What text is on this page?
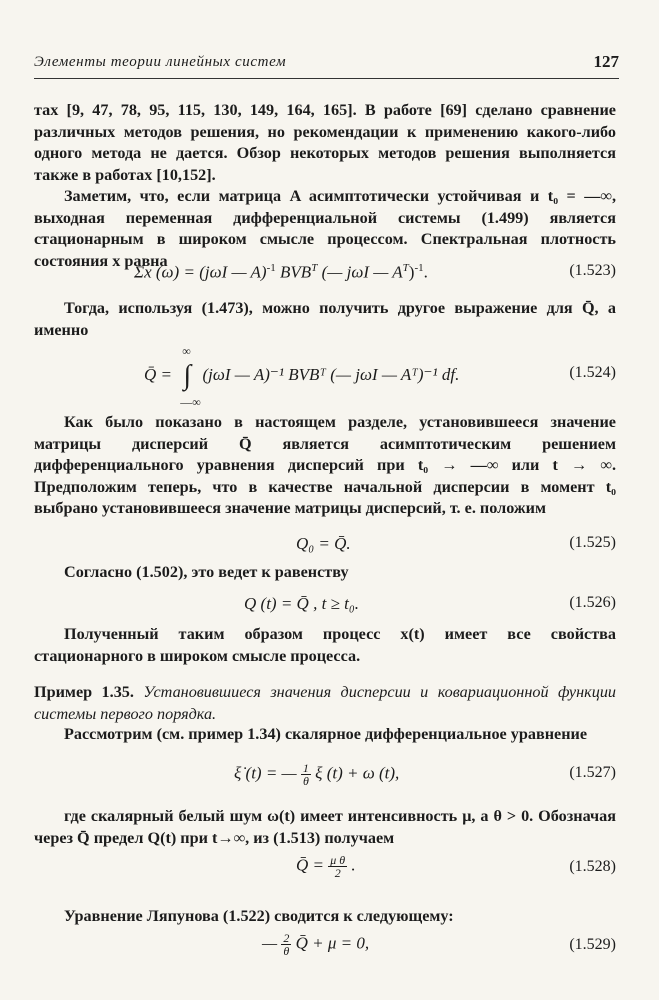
Элементы теории линейных систем	127
тах [9, 47, 78, 95, 115, 130, 149, 164, 165]. В работе [69] сделано сравнение различных методов решения, но рекомендации к применению какого-либо одного метода не дается. Обзор некоторых методов решения выполняется также в работах [10,152].
Заметим, что, если матрица A асимптотически устойчивая и t₀ = —∞, выходная переменная дифференциальной системы (1.499) является стационарным в широком смысле процессом. Спектральная плотность состояния x равна
Σx (ω) = (jωI — A)$^{-1}$ $BVB^T$ (— jωI — $A^T)^{-1}$.	(1.523)
Тогда, используя (1.473), можно получить другое выражение для Q̄, а именно
Q̄ = ∫
∞
—∞
(jωI — A)⁻¹ BVBᵀ (— jωI — Aᵀ)⁻¹ df.	(1.524)
Как было показано в настоящем разделе, установившееся значение матрицы дисперсий Q̄ является асимптотическим решением дифференциального уравнения дисперсий при t₀ → —∞ или t → ∞. Предположим теперь, что в качестве начальной дисперсии в момент t₀ выбрано установившееся значение матрицы дисперсий, т. е. положим
Q₀ = Q̄.	(1.525)
Согласно (1.502), это ведет к равенству
Q (t) = Q̄ , t ≥ t₀.	(1.526)
Полученный таким образом процесс x(t) имеет все свойства стационарного в широком смысле процесса.
Пример 1.35. Установившиеся значения дисперсии и ковариационной функции системы первого порядка.
Рассмотрим (см. пример 1.34) скалярное дифференциальное уравнение
ξ̇ (t) = — $\frac{1}{\theta}$ ξ (t) + ω (t),	(1.527)
где скалярный белый шум ω(t) имеет интенсивность μ, а θ > 0. Обозначая через Q̄ предел Q(t) при t→∞, из (1.513) получаем
Q̄ = $\frac{\text{μ θ}}{2}$ .	(1.528)
Уравнение Ляпунова (1.522) сводится к следующему:
— $\frac{2}{\theta}$ Q̄ + μ = 0,	(1.529)
